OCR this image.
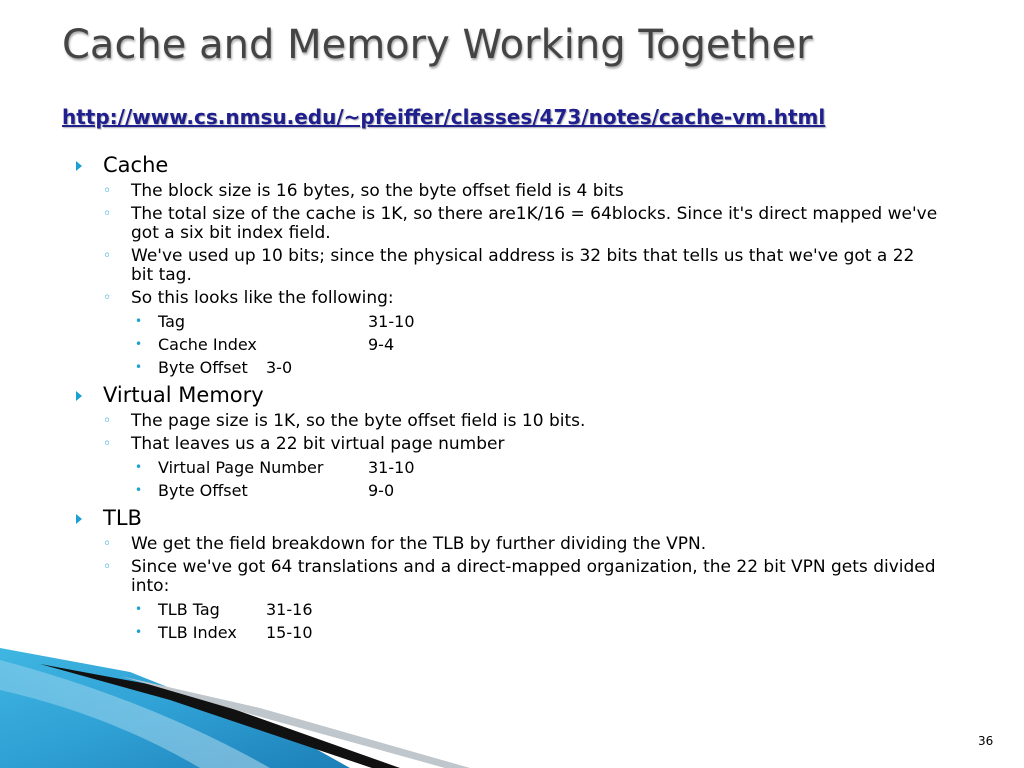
Cache and Memory Working Together
http://www.cs.nmsu.edu/~pfeiffer/classes/473/notes/cache-vm.html
Cache
◦ The block size is 16 bytes, so the byte offset field is 4 bits
◦ The total size of the cache is 1K, so there are1K/16 = 64blocks. Since it's direct mapped we've got a six bit index field.
◦ We've used up 10 bits; since the physical address is 32 bits that tells us that we've got a 22 bit tag.
◦ So this looks like the following:
• Tag	31-10
• Cache Index	9-4
• Byte Offset 3-0
Virtual Memory
◦ The page size is 1K, so the byte offset field is 10 bits.
◦ That leaves us a 22 bit virtual page number
• Virtual Page Number	31-10
• Byte Offset	9-0
TLB
◦ We get the field breakdown for the TLB by further dividing the VPN.
◦ Since we've got 64 translations and a direct-mapped organization, the 22 bit VPN gets divided into:
• TLB Tag	31-16
• TLB Index 15-10
36
